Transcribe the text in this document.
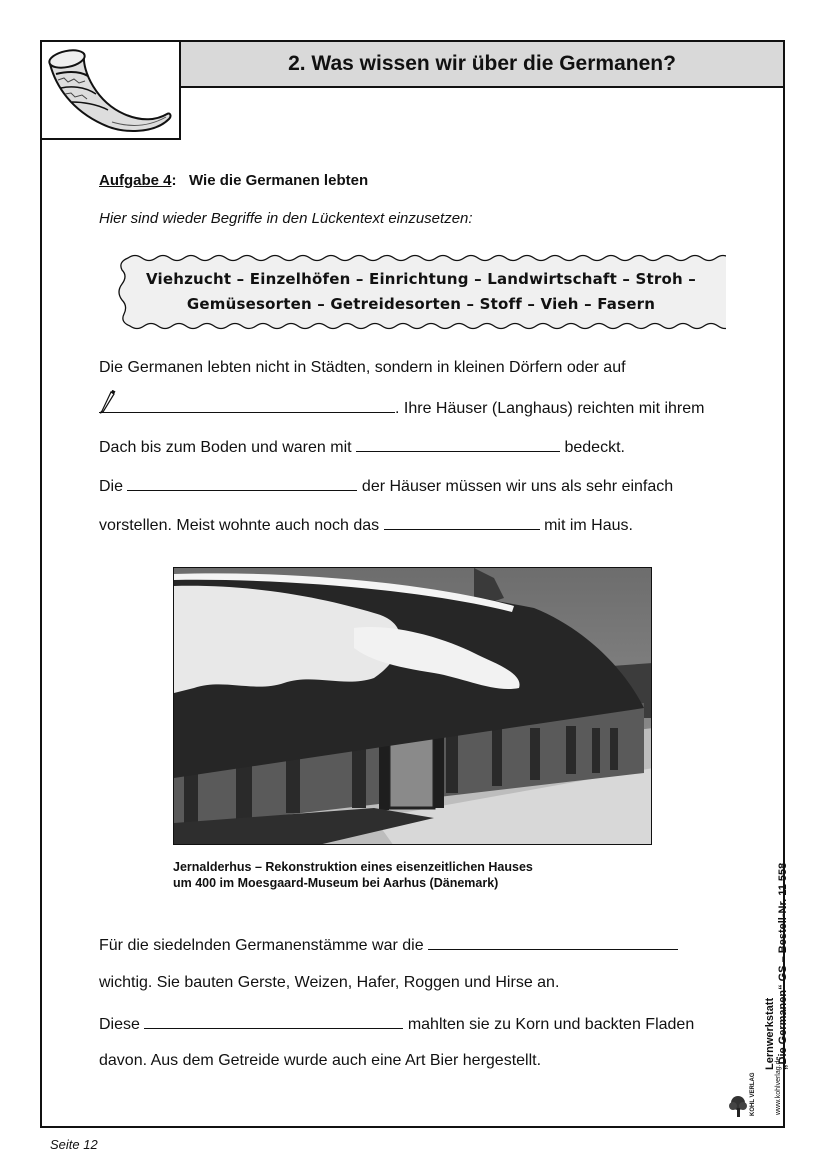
2. Was wissen wir über die Germanen?
Aufgabe 4: Wie die Germanen lebten
Hier sind wieder Begriffe in den Lückentext einzusetzen:
Viehzucht – Einzelhöfen – Einrichtung – Landwirtschaft – Stroh –
Gemüsesorten – Getreidesorten – Stoff – Vieh – Fasern
Die Germanen lebten nicht in Städten, sondern in kleinen Dörfern oder auf
. Ihre Häuser (Langhaus) reichten mit ihrem
Dach bis zum Boden und waren mit	bedeckt.
Die	der Häuser müssen wir uns als sehr einfach
vorstellen. Meist wohnte auch noch das	mit im Haus.
Jernalderhus – Rekonstruktion eines eisenzeitlichen Hauses
um 400 im Moesgaard-Museum bei Aarhus (Dänemark)
Für die siedelnden Germanenstämme war die
wichtig. Sie bauten Gerste, Weizen, Hafer, Roggen und Hirse an.
Diese	mahlten sie zu Korn und backten Fladen
davon. Aus dem Getreide wurde auch eine Art Bier hergestellt.	Lernwerkstatt „Die Germanen“ GS – Bestell-Nr. 11 558
KOHL VERLAG	www.kohlverlag.de
Seite 12
